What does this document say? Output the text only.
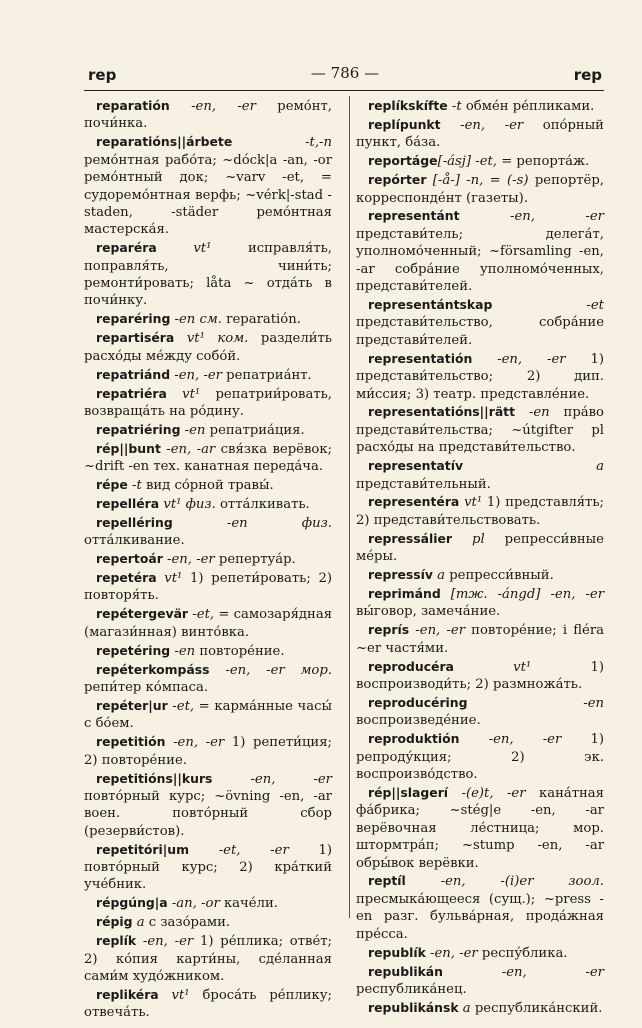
rep	— 786 —	rep
reparatión -en, -er ремо́нт, почи́нка.
reparatións||árbete -t,-n ремо́нтная рабо́та; ~dóck|a -an, -or ремо́нтный док; ~varv -et, = судоремо́нтная верфь; ~vérk|-stad -staden, -städer ремо́нтная мастерска́я.
reparéra vt¹ исправля́ть, поправля́ть, чини́ть; ремонти́ровать; låta ~ отда́ть в почи́нку.
reparéring -en см. reparatión.
repartiséra vt¹ ком. раздели́ть расхо́ды ме́жду собо́й.
repatriánd -en, -er репатриа́нт.
repatriéra vt¹ репатрии́ровать, возвраща́ть на ро́дину.
repatriéring -en репатриа́ция.
rép||bunt -en, -ar свя́зка верёвок; ~drift -en тех. канатная переда́ча.
répe -t вид со́рной травы́.
repelléra vt¹ физ. отта́лкивать.
repelléring -en физ. отта́лкивание.
repertoár -en, -er репертуа́р.
repetéra vt¹ 1) репети́ровать; 2) повторя́ть.
repétergevär -et, = самозаря́дная (магази́нная) винто́вка.
repetéring -en повторе́ние.
repéterkompáss -en, -er мор. репи́тер ко́мпаса.
repéter|ur -et, = карма́нные часы́ с бо́ем.
repetitión -en, -er 1) репети́ция; 2) повторе́ние.
repetitións||kurs -en, -er повто́рный курс; ~övning -en, -ar воен. повто́рный сбор (резерви́стов).
repetitóri|um -et, -er 1) повто́рный курс; 2) кра́ткий уче́бник.
répgúng|a -an, -or каче́ли.
répig a с зазо́рами.
replík -en, -er 1) ре́плика; отве́т; 2) ко́пия карти́ны, сде́ланная сами́м худо́жником.
replikéra vt¹ броса́ть ре́плику; отвеча́ть.
replíkskífte -t обме́н ре́пликами.
replípunkt -en, -er опо́рный пункт, ба́за.
reportáge[-ásj] -et, = репорта́ж.
repórter [-å-] -n, = (-s) репортёр, корреспонде́нт (газеты).
representánt -en, -er представи́тель; делега́т, уполномо́ченный; ~församling -en, -ar собра́ние уполномо́ченных, представи́телей.
representántskap -et представи́тельство, собра́ние представи́телей.
representatión -en, -er 1) представи́тельство; 2) дип. ми́ссия; 3) театр. представле́ние.
representatións||rätt -en пра́во представи́тельства; ~útgifter pl расхо́ды на представи́тельство.
representatív a представи́тельный.
representéra vt¹ 1) представля́ть; 2) представи́тельствовать.
repressálier pl репресси́вные ме́ры.
repressív a репресси́вный.
reprimánd [тж. -ángd] -en, -er вы́говор, замеча́ние.
reprís -en, -er повторе́ние; i fléra ~er частя́ми.
reproducéra vt¹ 1) воспроизводи́ть; 2) размножа́ть.
reproducéring -en воспроизведе́ние.
reproduktión -en, -er 1) репроду́кция; 2) эк. воспроизво́дство.
rép||slagerí -(e)t, -er кана́тная фа́брика; ~stég|e -en, -ar верёвочная ле́стница; мор. штормтра́п; ~stump -en, -ar обры́вок верёвки.
reptíl -en, -(i)er зоол. пресмыка́ющееся (сущ.); ~press -en разг. бульва́рная, прода́жная пре́сса.
republík -en, -er респу́блика.
republikán -en, -er республика́нец.
republikánsk a республика́нский.
